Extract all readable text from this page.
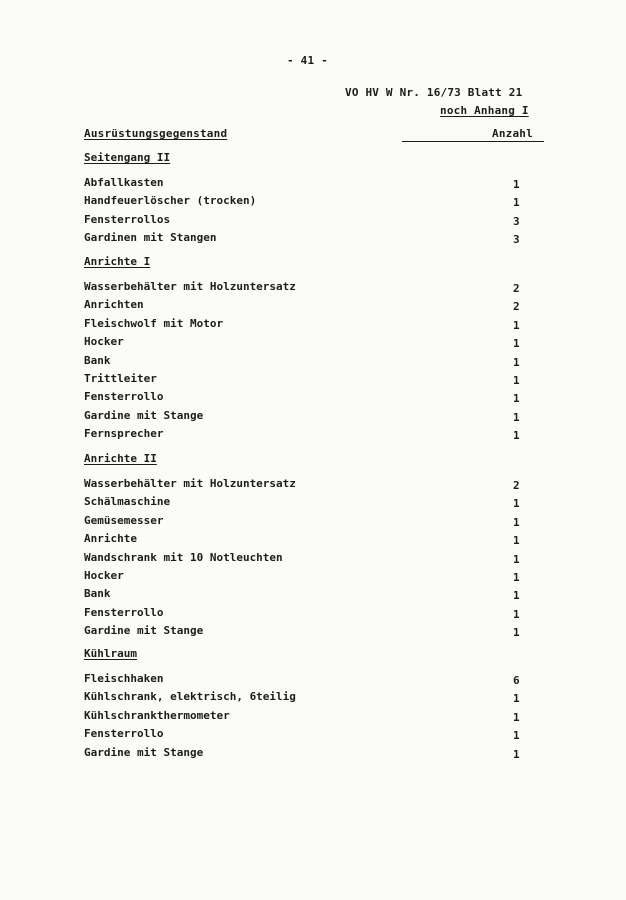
- 41 -
VO HV W Nr. 16/73 Blatt 21
noch Anhang I
Ausrüstungsgegenstand	Anzahl
Seitengang II
Abfallkasten	1
Handfeuerlöscher (trocken)	1
Fensterrollos	3
Gardinen mit Stangen	3
Anrichte I
Wasserbehälter mit Holzuntersatz	2
Anrichten	2
Fleischwolf mit Motor	1
Hocker	1
Bank	1
Trittleiter	1
Fensterrollo	1
Gardine mit Stange	1
Fernsprecher	1
Anrichte II
Wasserbehälter mit Holzuntersatz	2
Schälmaschine	1
Gemüsemesser	1
Anrichte	1
Wandschrank mit 10 Notleuchten	1
Hocker	1
Bank	1
Fensterrollo	1
Gardine mit Stange	1
Kühlraum
Fleischhaken	6
Kühlschrank, elektrisch, 6teilig	1
Kühlschrankthermometer	1
Fensterrollo	1
Gardine mit Stange	1
